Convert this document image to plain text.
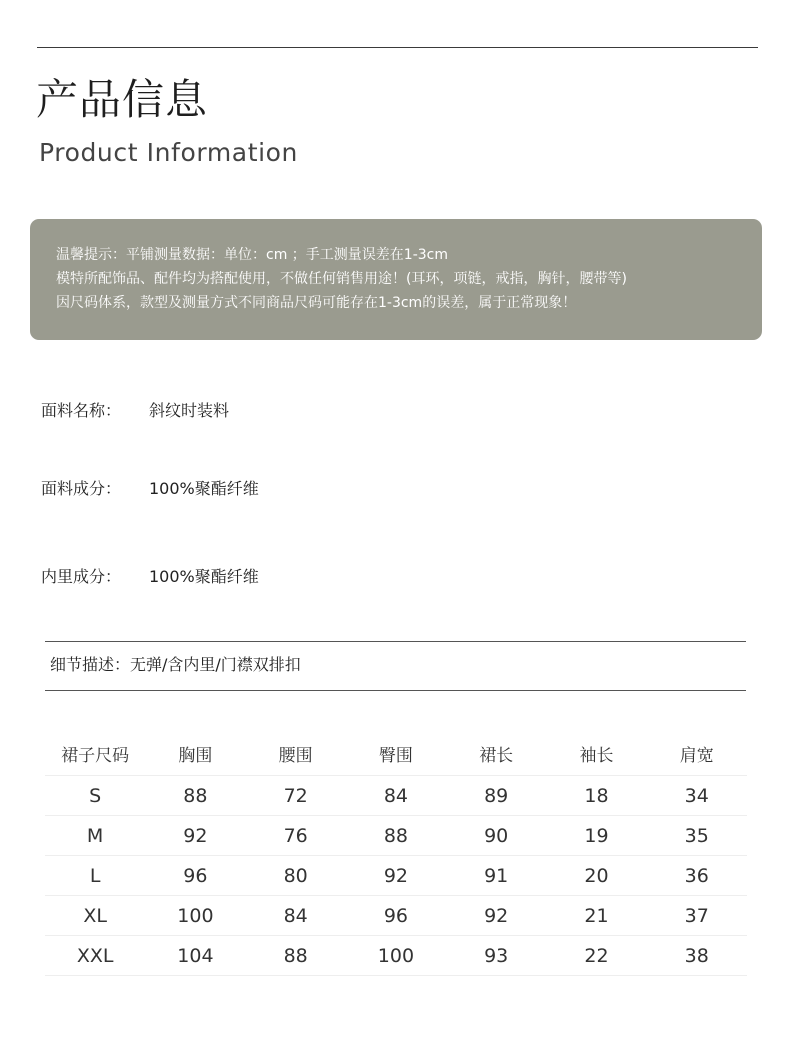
产品信息
Product Information
温馨提示：平铺测量数据：单位：cm ；手工测量误差在1-3cm
模特所配饰品、配件均为搭配使用，不做任何销售用途！(耳环，项链，戒指，胸针，腰带等)
因尺码体系，款型及测量方式不同商品尺码可能存在1-3cm的误差，属于正常现象！
面料名称： 斜纹时装料
面料成分： 100%聚酯纤维
内里成分： 100%聚酯纤维
细节描述：无弹/含内里/门襟双排扣
裙子尺码	胸围	腰围	臀围	裙长	袖长	肩宽
S	88	72	84	89	18	34
M	92	76	88	90	19	35
L	96	80	92	91	20	36
XL	100	84	96	92	21	37
XXL	104	88	100	93	22	38
